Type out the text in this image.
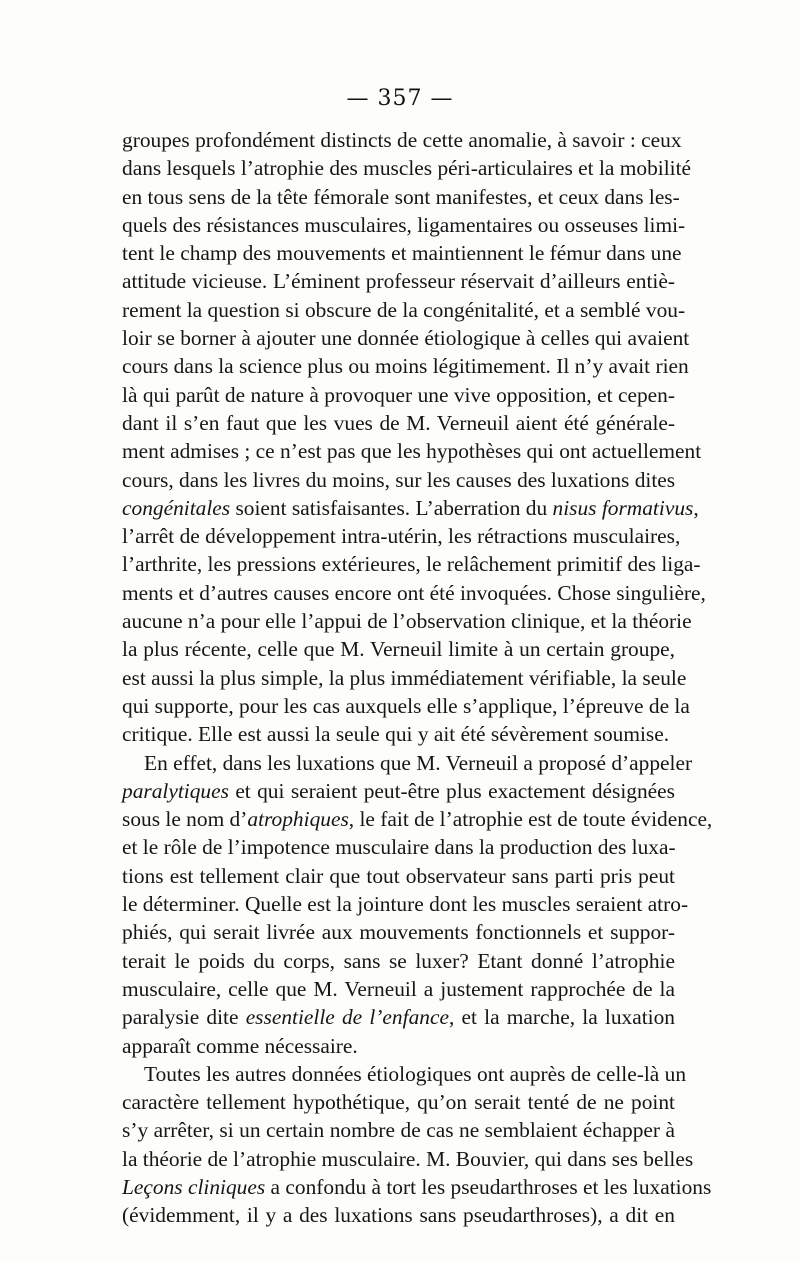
— 357 —
groupes profondément distincts de cette anomalie, à savoir : ceux
dans lesquels l’atrophie des muscles péri-articulaires et la mobilité
en tous sens de la tête fémorale sont manifestes, et ceux dans les-
quels des résistances musculaires, ligamentaires ou osseuses limi-
tent le champ des mouvements et maintiennent le fémur dans une
attitude vicieuse. L’éminent professeur réservait d’ailleurs entiè-
rement la question si obscure de la congénitalité, et a semblé vou-
loir se borner à ajouter une donnée étiologique à celles qui avaient
cours dans la science plus ou moins légitimement. Il n’y avait rien
là qui parût de nature à provoquer une vive opposition, et cepen-
dant il s’en faut que les vues de M. Verneuil aient été générale-
ment admises ; ce n’est pas que les hypothèses qui ont actuellement
cours, dans les livres du moins, sur les causes des luxations dites
congénitales soient satisfaisantes. L’aberration du nisus formativus,
l’arrêt de développement intra-utérin, les rétractions musculaires,
l’arthrite, les pressions extérieures, le relâchement primitif des liga-
ments et d’autres causes encore ont été invoquées. Chose singulière,
aucune n’a pour elle l’appui de l’observation clinique, et la théorie
la plus récente, celle que M. Verneuil limite à un certain groupe,
est aussi la plus simple, la plus immédiatement vérifiable, la seule
qui supporte, pour les cas auxquels elle s’applique, l’épreuve de la
critique. Elle est aussi la seule qui y ait été sévèrement soumise.
En effet, dans les luxations que M. Verneuil a proposé d’appeler
paralytiques et qui seraient peut-être plus exactement désignées
sous le nom d’atrophiques, le fait de l’atrophie est de toute évidence,
et le rôle de l’impotence musculaire dans la production des luxa-
tions est tellement clair que tout observateur sans parti pris peut
le déterminer. Quelle est la jointure dont les muscles seraient atro-
phiés, qui serait livrée aux mouvements fonctionnels et suppor-
terait le poids du corps, sans se luxer? Etant donné l’atrophie
musculaire, celle que M. Verneuil a justement rapprochée de la
paralysie dite essentielle de l’enfance, et la marche, la luxation
apparaît comme nécessaire.
Toutes les autres données étiologiques ont auprès de celle-là un
caractère tellement hypothétique, qu’on serait tenté de ne point
s’y arrêter, si un certain nombre de cas ne semblaient échapper à
la théorie de l’atrophie musculaire. M. Bouvier, qui dans ses belles
Leçons cliniques a confondu à tort les pseudarthroses et les luxations
(évidemment, il y a des luxations sans pseudarthroses), a dit en
